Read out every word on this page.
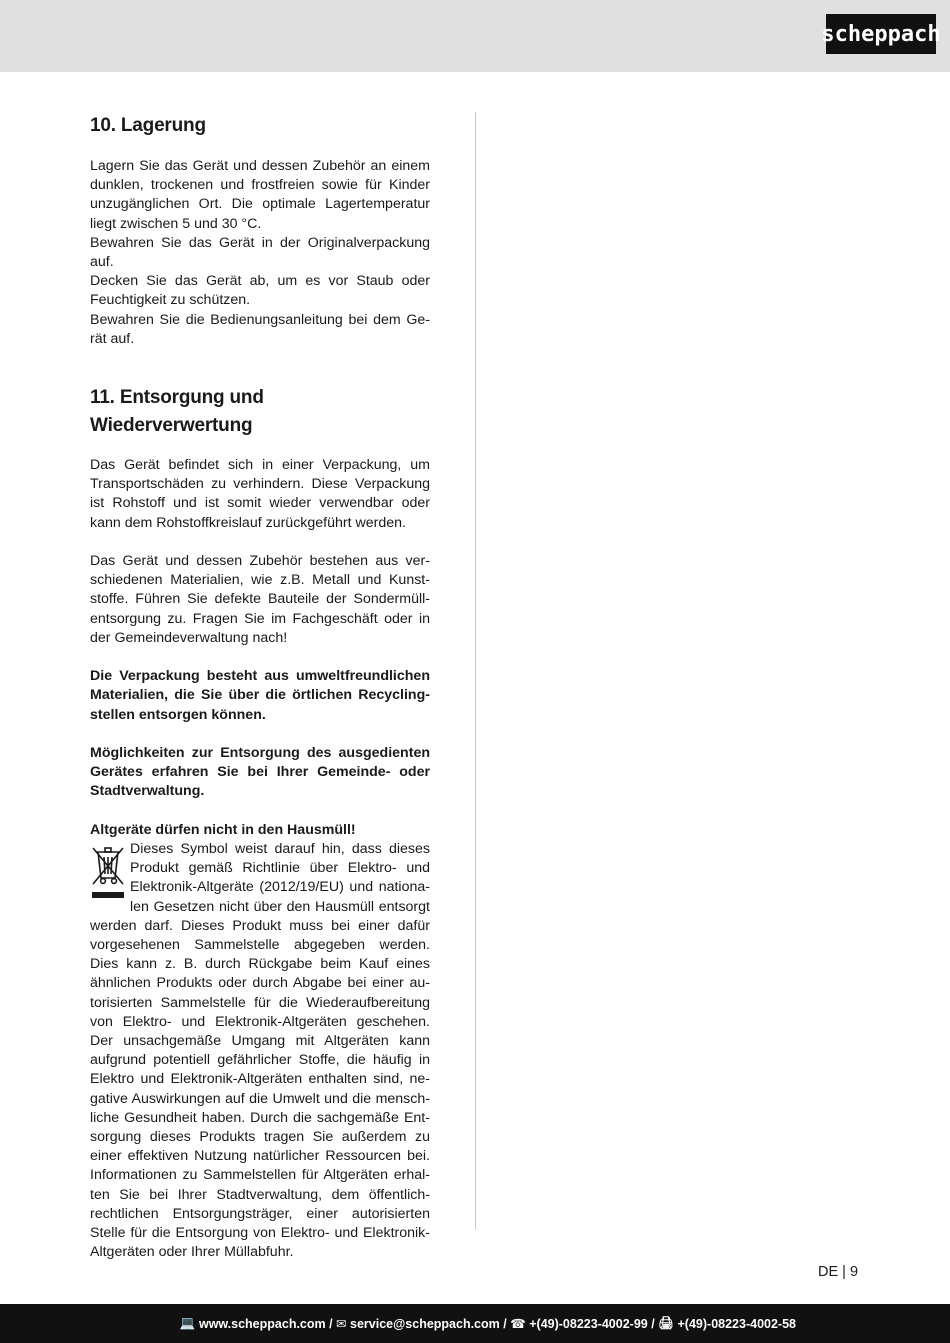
scheppach
10. Lagerung

Lagern Sie das Gerät und dessen Zubehör an einem dunklen, trockenen und frostfreien sowie für Kinder unzugänglichen Ort. Die optimale Lagertemperatur liegt zwischen 5 und 30 °C.

Bewahren Sie das Gerät in der Originalverpackung auf.

Decken Sie das Gerät ab, um es vor Staub oder Feuchtigkeit zu schützen.

Bewahren Sie die Bedienungsanleitung bei dem Gerät auf.

11. Entsorgung und Wiederverwertung

Das Gerät befindet sich in einer Verpackung, um Transportschäden zu verhindern. Diese Verpackung ist Rohstoff und ist somit wieder verwendbar oder kann dem Rohstoffkreislauf zurückgeführt werden.

Das Gerät und dessen Zubehör bestehen aus verschiedenen Materialien, wie z.B. Metall und Kunststoffe. Führen Sie defekte Bauteile der Sondermüllentsorgung zu. Fragen Sie im Fachgeschäft oder in der Gemeindeverwaltung nach!

Die Verpackung besteht aus umweltfreundlichen Materialien, die Sie über die örtlichen Recyclingstellen entsorgen können.

Möglichkeiten zur Entsorgung des ausgedienten Gerätes erfahren Sie bei Ihrer Gemeinde- oder Stadtverwaltung.

Altgeräte dürfen nicht in den Hausmüll!

Dieses Symbol weist darauf hin, dass dieses Produkt gemäß Richtlinie über Elektro- und Elektronik-Altgeräte (2012/19/EU) und nationalen Gesetzen nicht über den Hausmüll entsorgt werden darf. Dieses Produkt muss bei einer dafür vorgesehenen Sammelstelle abgegeben werden. Dies kann z. B. durch Rückgabe beim Kauf eines ähnlichen Produkts oder durch Abgabe bei einer autorisierten Sammelstelle für die Wiederaufbereitung von Elektro- und Elektronik-Altgeräten geschehen. Der unsachgemäße Umgang mit Altgeräten kann aufgrund potentiell gefährlicher Stoffe, die häufig in Elektro und Elektronik-Altgeräten enthalten sind, negative Auswirkungen auf die Umwelt und die menschliche Gesundheit haben. Durch die sachgemäße Entsorgung dieses Produkts tragen Sie außerdem zu einer effektiven Nutzung natürlicher Ressourcen bei. Informationen zu Sammelstellen für Altgeräten erhalten Sie bei Ihrer Stadtverwaltung, dem öffentlichrechtlichen Entsorgungsträger, einer autorisierten Stelle für die Entsorgung von Elektro- und Elektronik-Altgeräten oder Ihrer Müllabfuhr.

DE | 9
💻 www.scheppach.com / ✉ service@scheppach.com / ☎ +(49)-08223-4002-99 / 🖨 +(49)-08223-4002-58
